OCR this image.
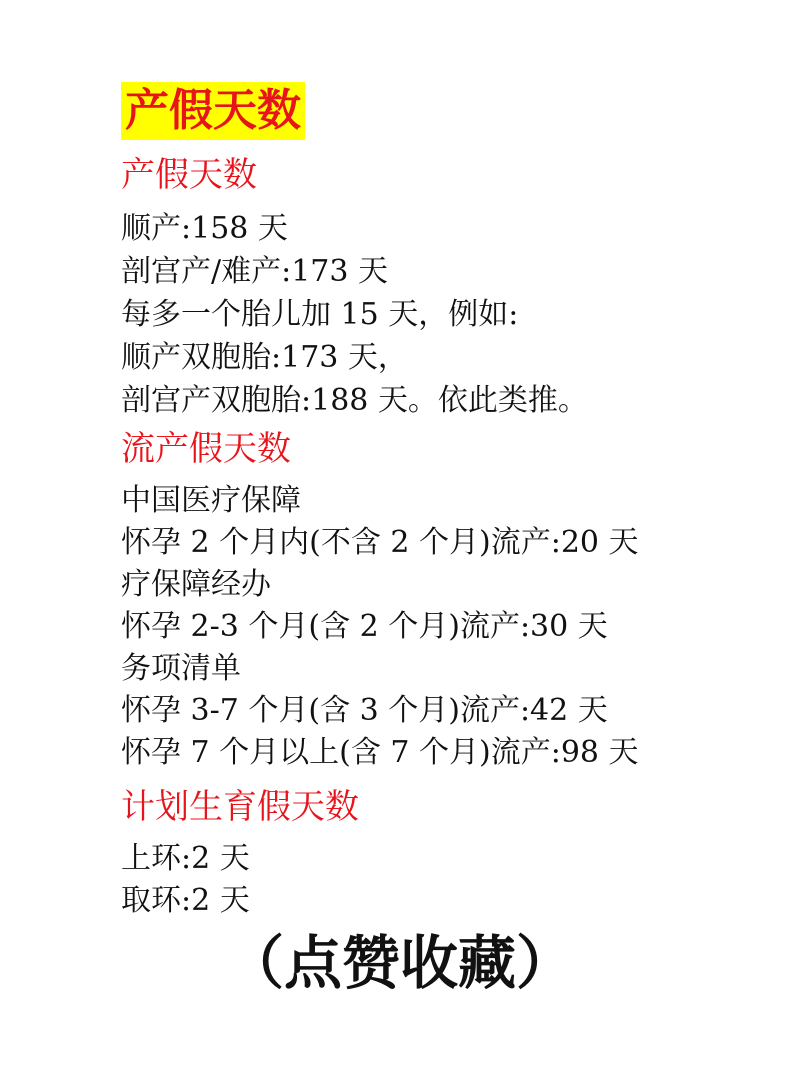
产假天数
产假天数
顺产:158 天
剖宫产/难产:173 天
每多一个胎儿加 15 天，例如:
顺产双胞胎:173 天，
剖宫产双胞胎:188 天。依此类推。
流产假天数
中国医疗保障
怀孕 2 个月内(不含 2 个月)流产:20 天
疗保障经办
怀孕 2-3 个月(含 2 个月)流产:30 天
务项清单
怀孕 3-7 个月(含 3 个月)流产:42 天
怀孕 7 个月以上(含 7 个月)流产:98 天
计划生育假天数
上环:2 天
取环:2 天
（点赞收藏）
